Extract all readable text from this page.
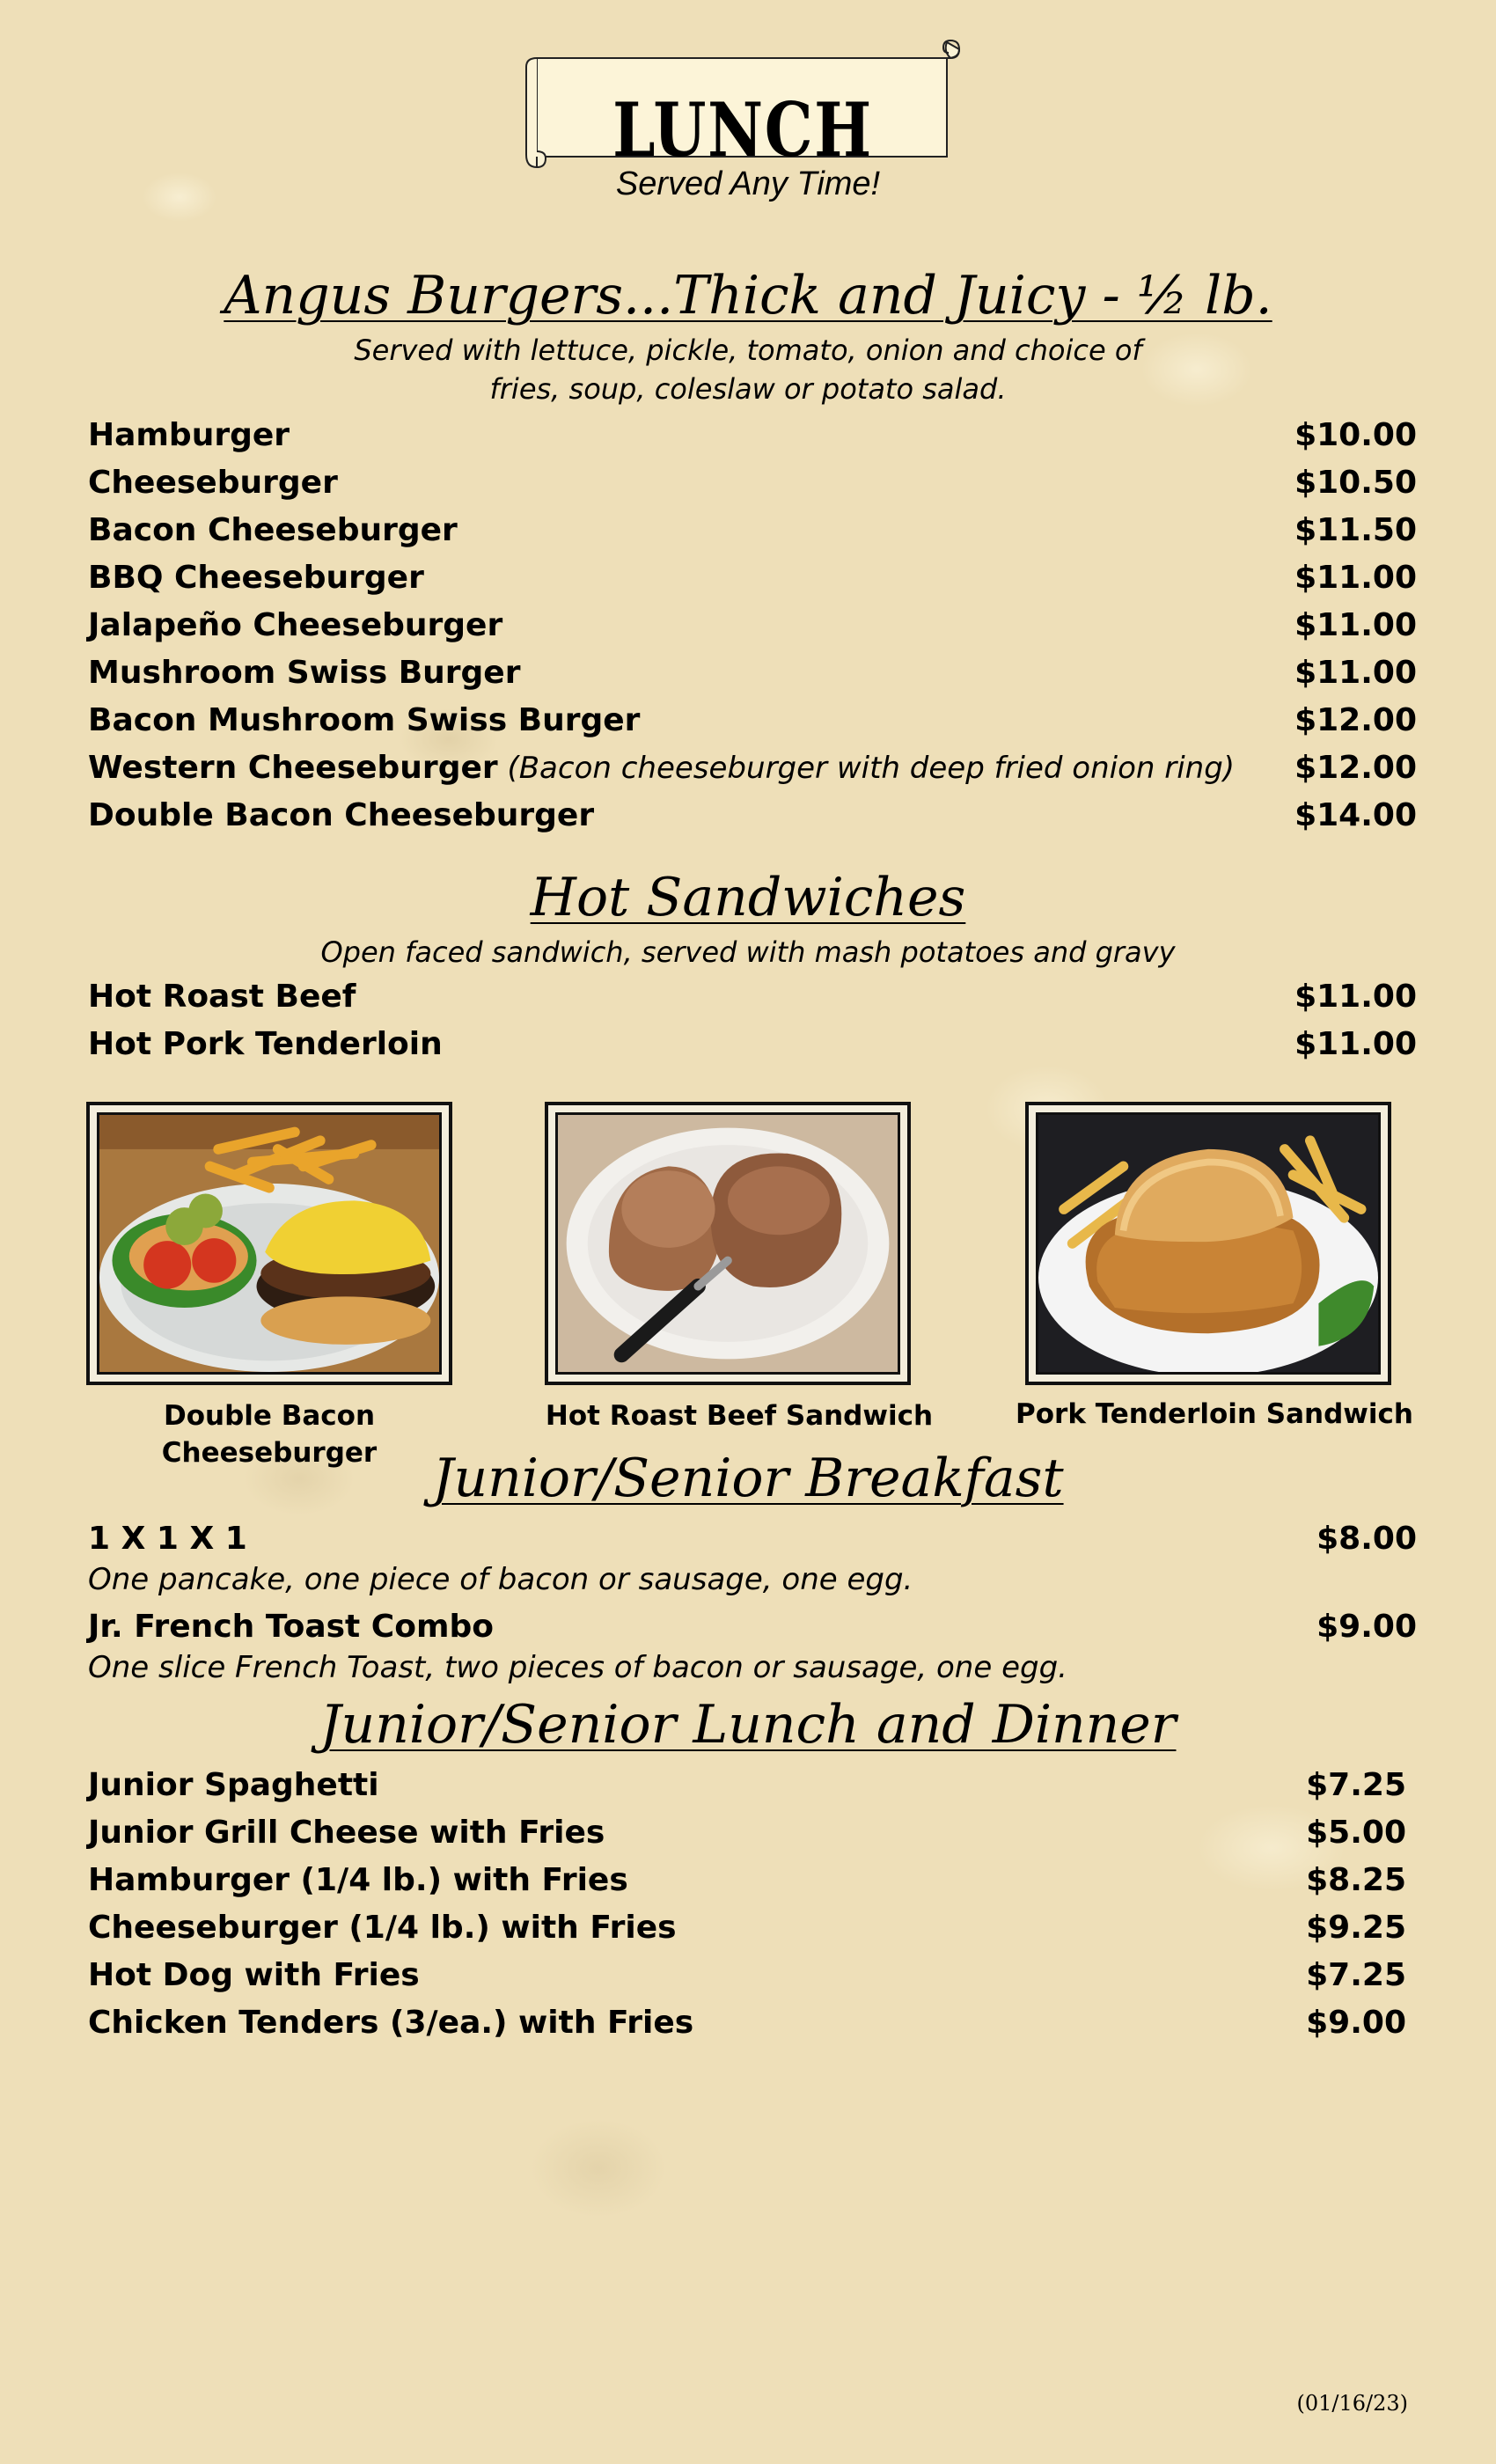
LUNCH
Served Any Time!
Angus Burgers...Thick and Juicy - ½ lb.
Served with lettuce, pickle, tomato, onion and choice of
fries, soup, coleslaw or potato salad.
Hamburger	$10.00
Cheeseburger	$10.50
Bacon Cheeseburger	$11.50
BBQ Cheeseburger	$11.00
Jalapeño Cheeseburger	$11.00
Mushroom Swiss Burger	$11.00
Bacon Mushroom Swiss Burger	$12.00
Western Cheeseburger (Bacon cheeseburger with deep fried onion ring) $12.00
Double Bacon Cheeseburger	$14.00
Hot Sandwiches
Open faced sandwich, served with mash potatoes and gravy
Hot Roast Beef	$11.00
Hot Pork Tenderloin	$11.00
Double Bacon
Cheeseburger
Hot Roast Beef Sandwich	Pork Tenderloin Sandwich
Junior/Senior Breakfast
1 X 1 X 1	$8.00
One pancake, one piece of bacon or sausage, one egg.
Jr. French Toast Combo	$9.00
One slice French Toast, two pieces of bacon or sausage, one egg.
Junior/Senior Lunch and Dinner
Junior Spaghetti	$7.25
Junior Grill Cheese with Fries	$5.00
Hamburger (1/4 lb.) with Fries	$8.25
Cheeseburger (1/4 lb.) with Fries	$9.25
Hot Dog with Fries	$7.25
Chicken Tenders (3/ea.) with Fries	$9.00
(01/16/23)
